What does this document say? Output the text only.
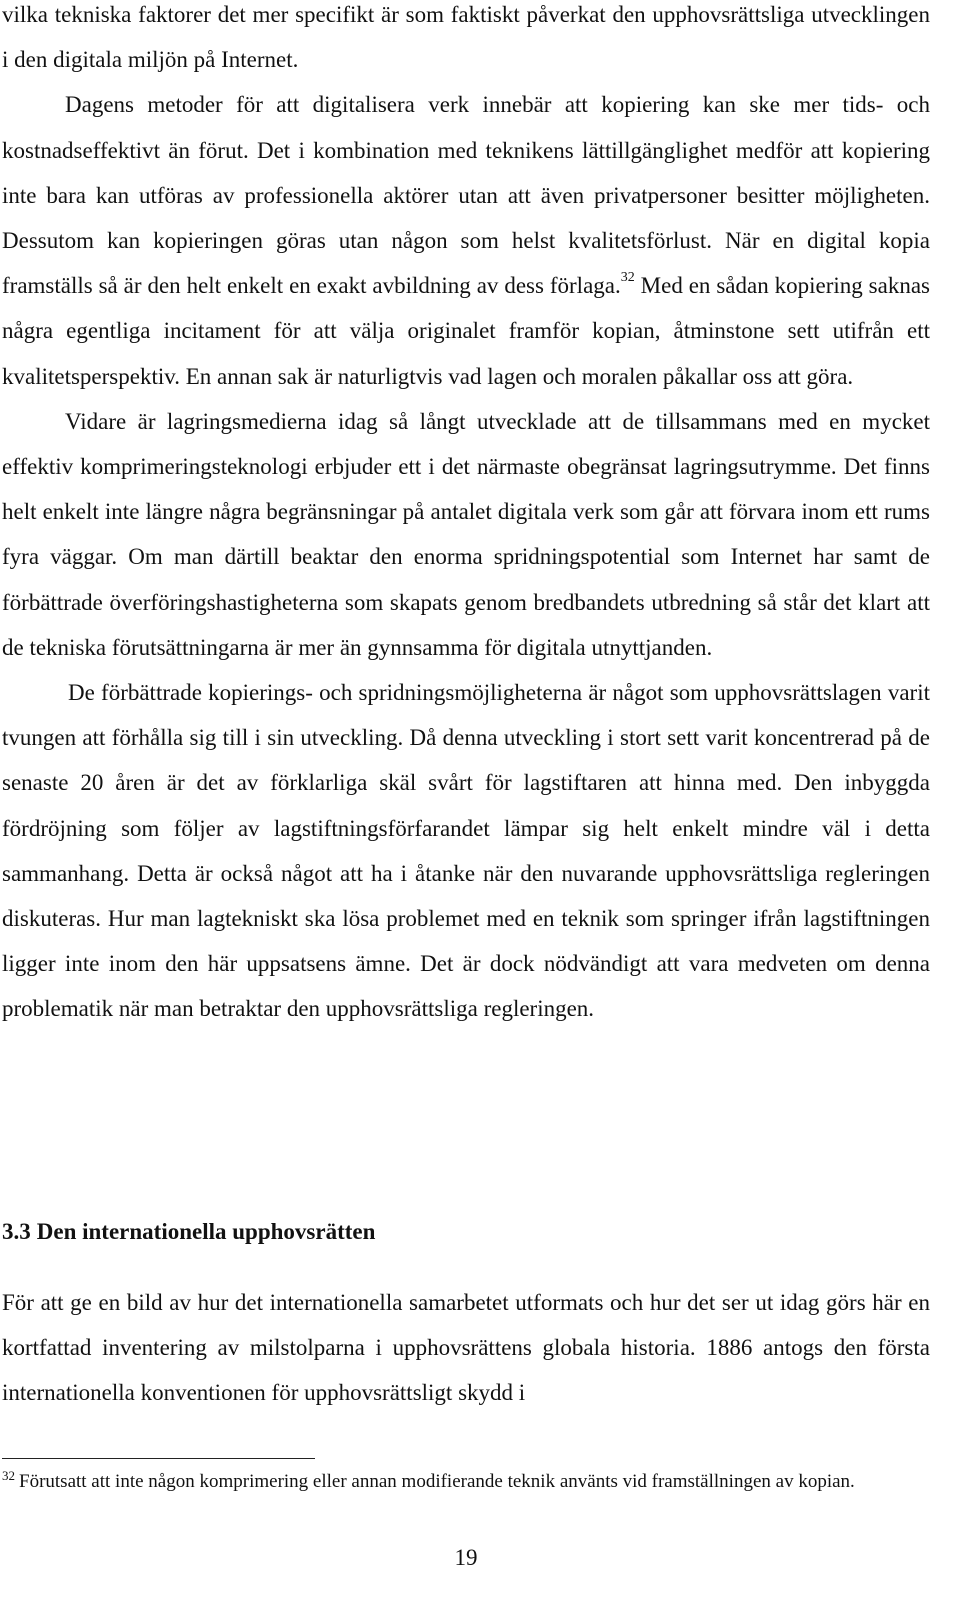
vilka tekniska faktorer det mer specifikt är som faktiskt påverkat den upphovsrättsliga utvecklingen i den digitala miljön på Internet.

Dagens metoder för att digitalisera verk innebär att kopiering kan ske mer tids- och kostnadseffektivt än förut. Det i kombination med teknikens lättillgänglighet medför att kopiering inte bara kan utföras av professionella aktörer utan att även privatpersoner besitter möjligheten. Dessutom kan kopieringen göras utan någon som helst kvalitetsförlust. När en digital kopia framställs så är den helt enkelt en exakt avbildning av dess förlaga.$^{32}$ Med en sådan kopiering saknas några egentliga incitament för att välja originalet framför kopian, åtminstone sett utifrån ett kvalitetsperspektiv. En annan sak är naturligtvis vad lagen och moralen påkallar oss att göra.

Vidare är lagringsmedierna idag så långt utvecklade att de tillsammans med en mycket effektiv komprimeringsteknologi erbjuder ett i det närmaste obegränsat lagringsutrymme. Det finns helt enkelt inte längre några begränsningar på antalet digitala verk som går att förvara inom ett rums fyra väggar. Om man därtill beaktar den enorma spridningspotential som Internet har samt de förbättrade överföringshastigheterna som skapats genom bredbandets utbredning så står det klart att de tekniska förutsättningarna är mer än gynnsamma för digitala utnyttjanden.

De förbättrade kopierings- och spridningsmöjligheterna är något som upphovsrättslagen varit tvungen att förhålla sig till i sin utveckling. Då denna utveckling i stort sett varit koncentrerad på de senaste 20 åren är det av förklarliga skäl svårt för lagstiftaren att hinna med. Den inbyggda fördröjning som följer av lagstiftningsförfarandet lämpar sig helt enkelt mindre väl i detta sammanhang. Detta är också något att ha i åtanke när den nuvarande upphovsrättsliga regleringen diskuteras. Hur man lagtekniskt ska lösa problemet med en teknik som springer ifrån lagstiftningen ligger inte inom den här uppsatsens ämne. Det är dock nödvändigt att vara medveten om denna problematik när man betraktar den upphovsrättsliga regleringen.

3.3 Den internationella upphovsrätten

För att ge en bild av hur det internationella samarbetet utformats och hur det ser ut idag görs här en kortfattad inventering av milstolparna i upphovsrättens globala historia. 1886 antogs den första internationella konventionen för upphovsrättsligt skydd i

$^{32}$ Förutsatt att inte någon komprimering eller annan modifierande teknik använts vid framställningen av kopian.

19
